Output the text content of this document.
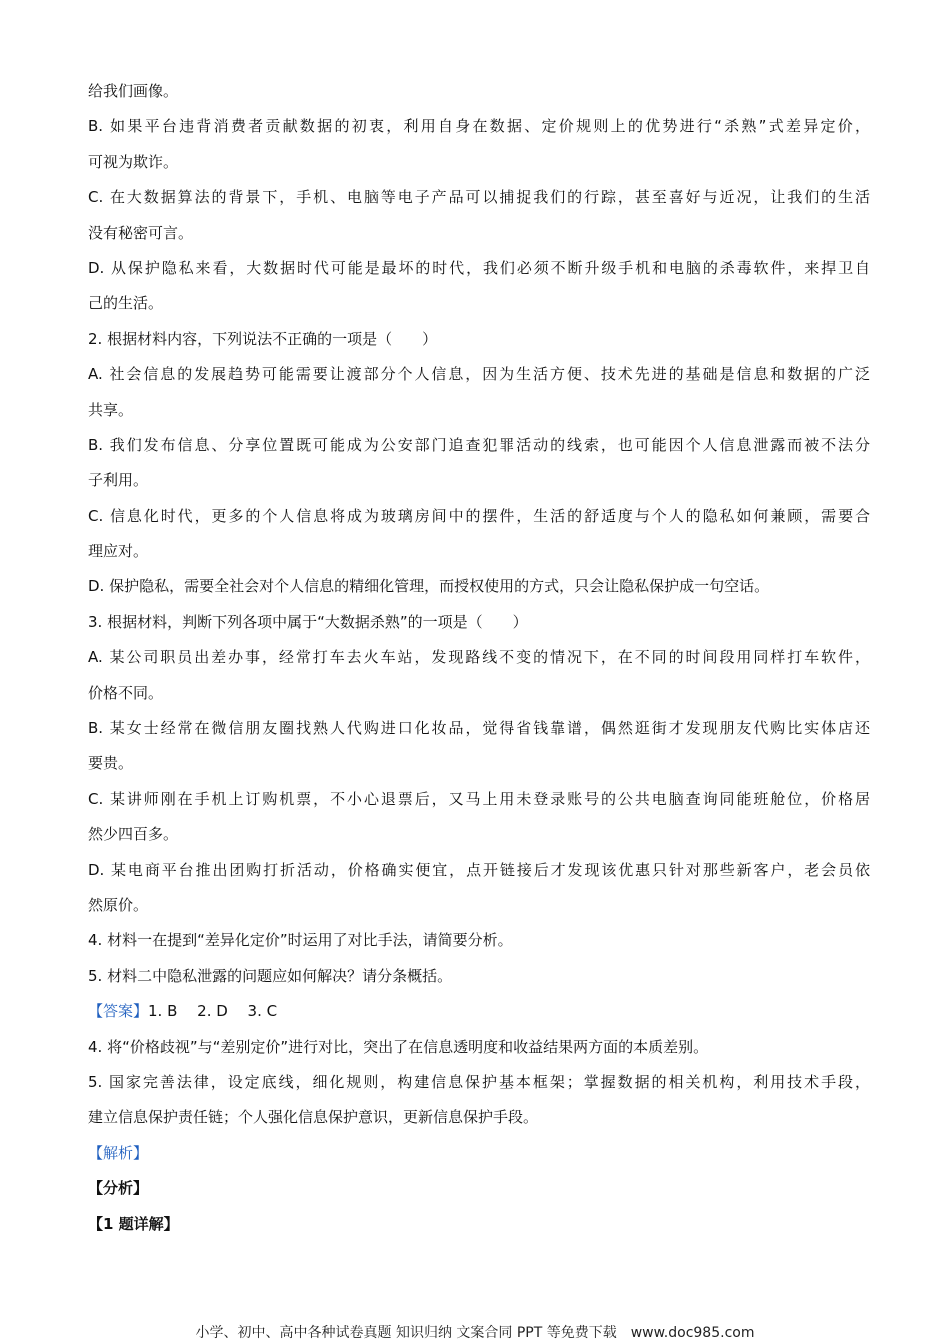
给我们画像。
B. 如果平台违背消费者贡献数据的初衷，利用自身在数据、定价规则上的优势进行“杀熟”式差异定价，
可视为欺诈。
C. 在大数据算法的背景下，手机、电脑等电子产品可以捕捉我们的行踪，甚至喜好与近况，让我们的生活
没有秘密可言。
D. 从保护隐私来看，大数据时代可能是最坏的时代，我们必须不断升级手机和电脑的杀毒软件，来捍卫自
己的生活。
2. 根据材料内容，下列说法不正确的一项是（　　）
A. 社会信息的发展趋势可能需要让渡部分个人信息，因为生活方便、技术先进的基础是信息和数据的广泛
共享。
B. 我们发布信息、分享位置既可能成为公安部门追查犯罪活动的线索，也可能因个人信息泄露而被不法分
子利用。
C. 信息化时代，更多的个人信息将成为玻璃房间中的摆件，生活的舒适度与个人的隐私如何兼顾，需要合
理应对。
D. 保护隐私，需要全社会对个人信息的精细化管理，而授权使用的方式，只会让隐私保护成一句空话。
3. 根据材料，判断下列各项中属于“大数据杀熟”的一项是（　　）
A. 某公司职员出差办事，经常打车去火车站，发现路线不变的情况下，在不同的时间段用同样打车软件，
价格不同。
B. 某女士经常在微信朋友圈找熟人代购进口化妆品，觉得省钱靠谱，偶然逛街才发现朋友代购比实体店还
要贵。
C. 某讲师刚在手机上订购机票，不小心退票后，又马上用未登录账号的公共电脑查询同能班舱位，价格居
然少四百多。
D. 某电商平台推出团购打折活动，价格确实便宜，点开链接后才发现该优惠只针对那些新客户，老会员依
然原价。
4. 材料一在提到“差异化定价”时运用了对比手法，请简要分析。
5. 材料二中隐私泄露的问题应如何解决？请分条概括。
【答案】1. B　 2. D　 3. C
4. 将“价格歧视”与“差别定价”进行对比，突出了在信息透明度和收益结果两方面的本质差别。
5. 国家完善法律，设定底线，细化规则，构建信息保护基本框架；掌握数据的相关机构，利用技术手段，
建立信息保护责任链；个人强化信息保护意识，更新信息保护手段。
【解析】
【分析】
【1 题详解】
小学、初中、高中各种试卷真题 知识归纳 文案合同 PPT 等免费下载　www.doc985.com
